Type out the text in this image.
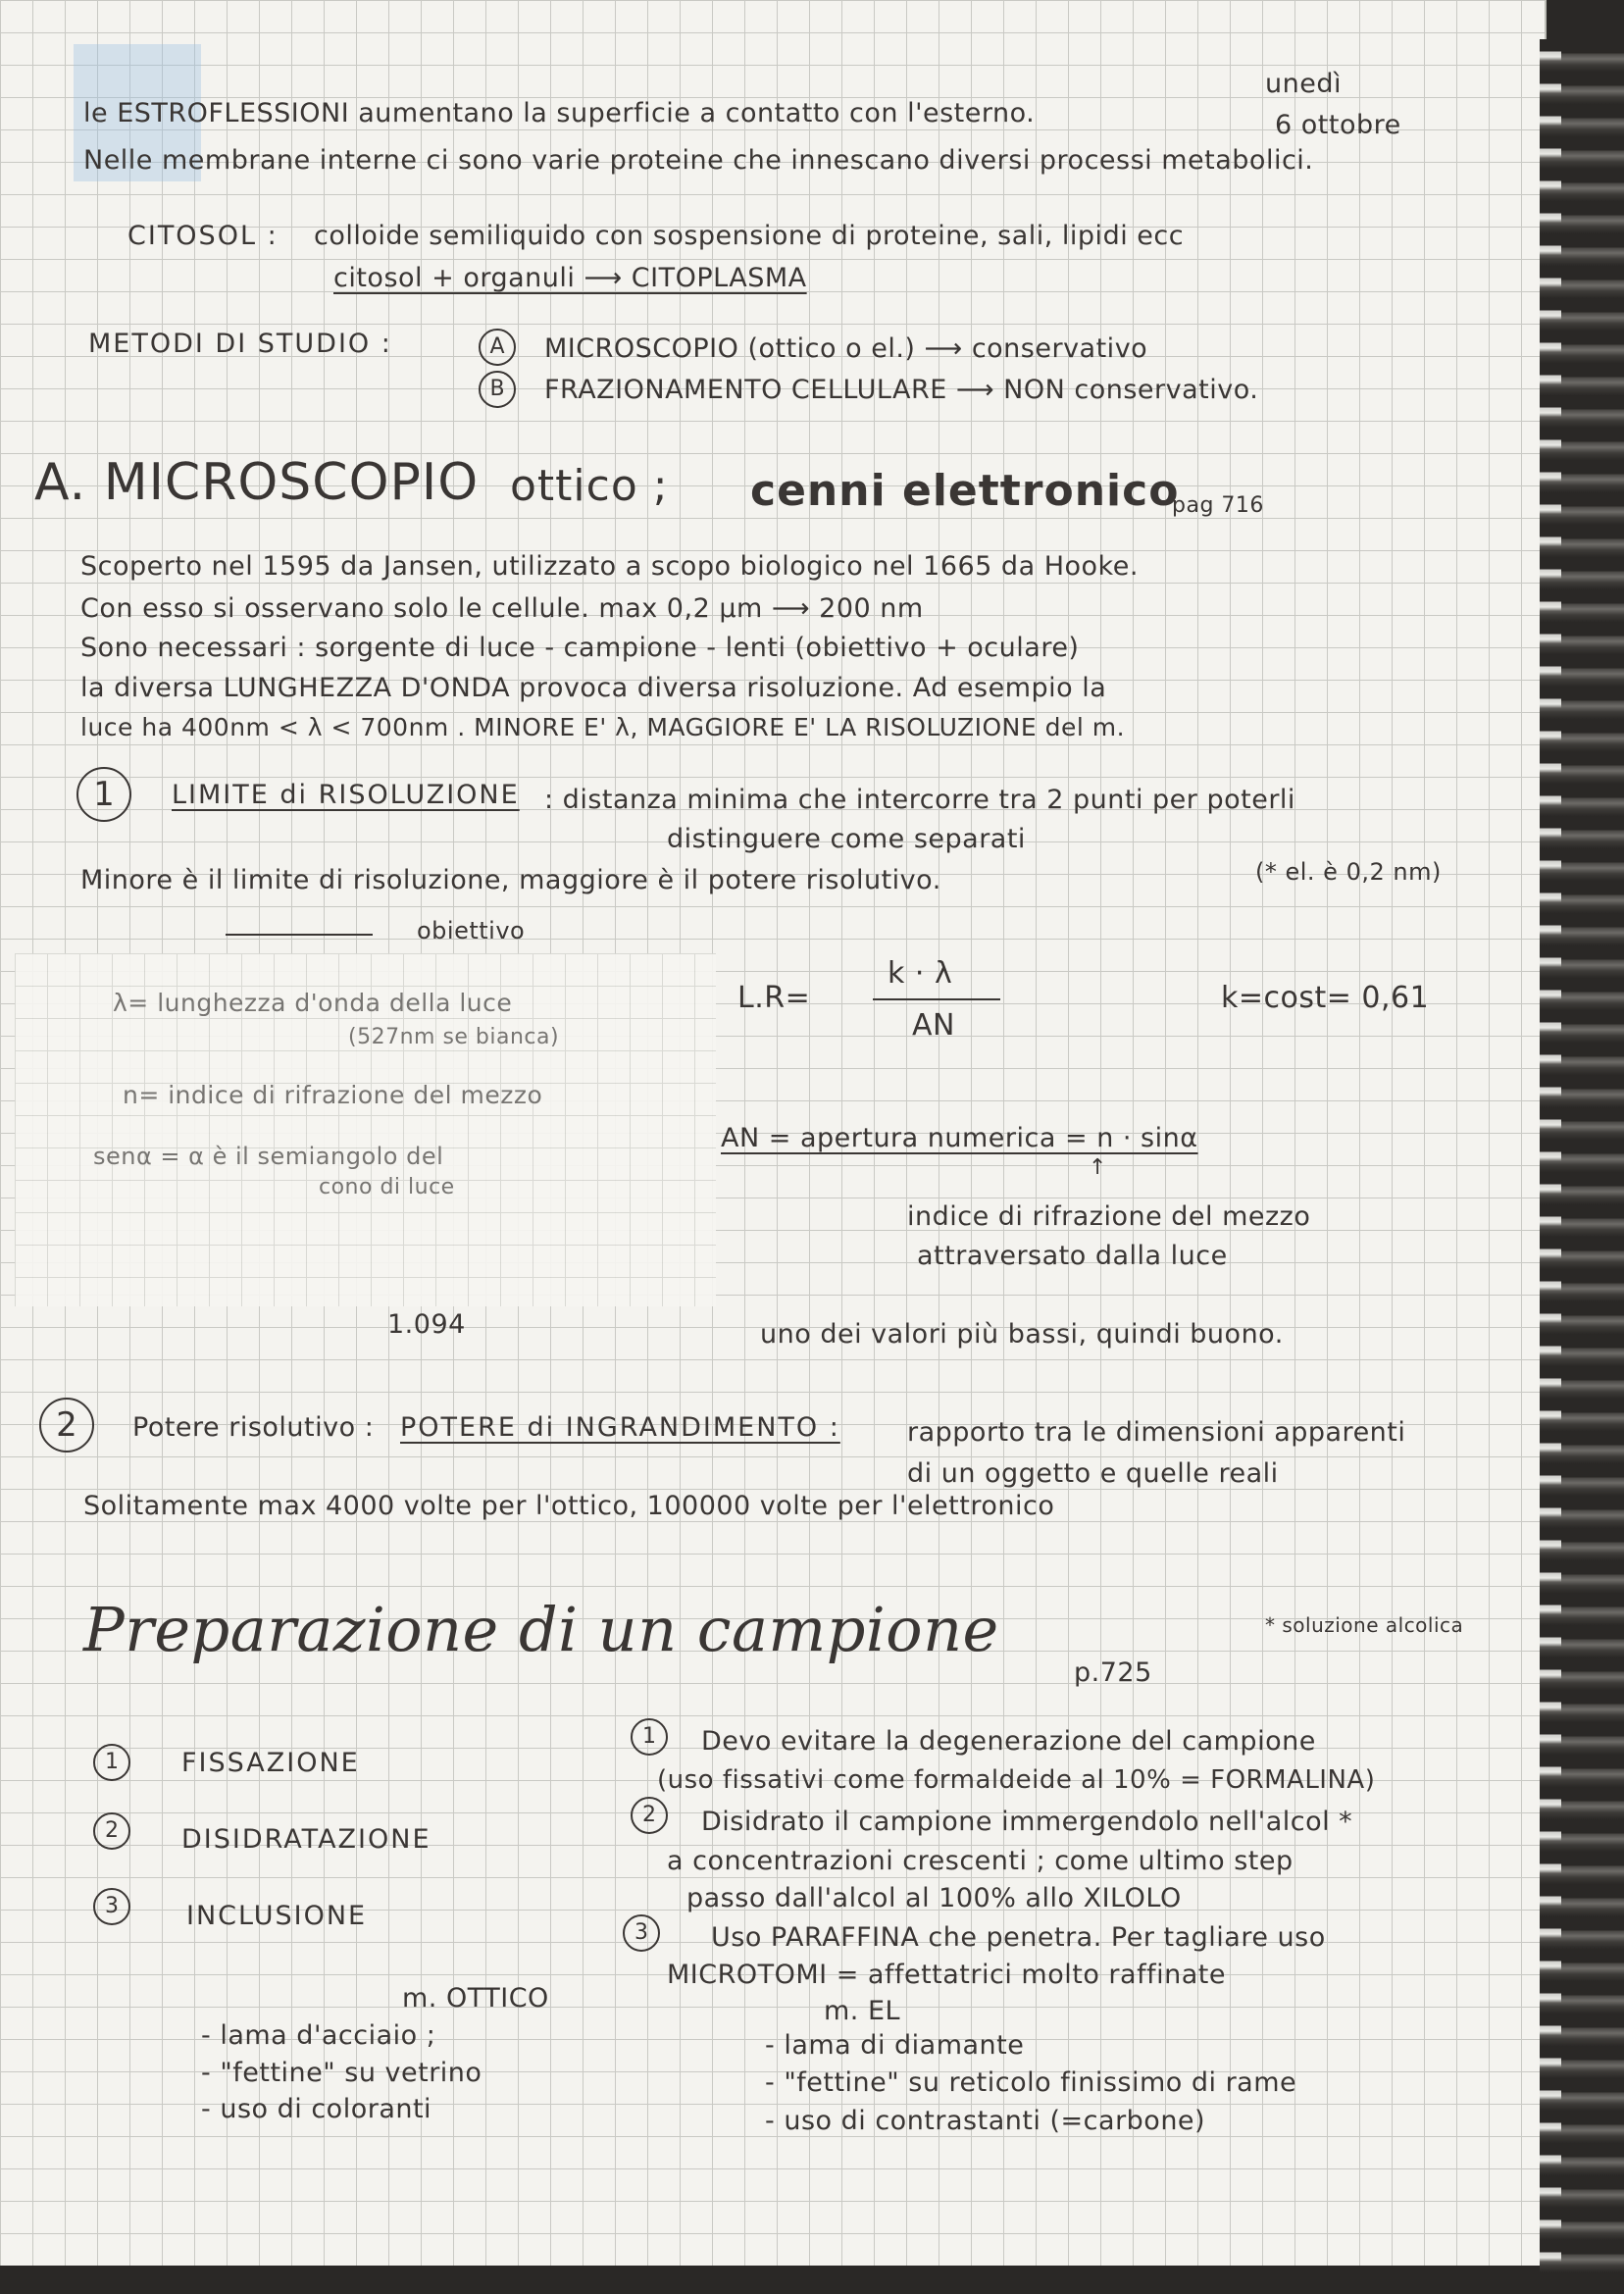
unedì
6 ottobre
le ESTROFLESSIONI aumentano la superficie a contatto con l'esterno.
Nelle membrane interne ci sono varie proteine che innescano diversi processi metabolici.
CITOSOL : colloide semiliquido con sospensione di proteine, sali, lipidi ecc
citosol + organuli ⟶ CITOPLASMA
METODI DI STUDIO :	A	MICROSCOPIO (ottico o el.) ⟶ conservativo
B	FRAZIONAMENTO CELLULARE ⟶ NON conservativo.
A. MICROSCOPIO ottico ; cenni elettronico
pag 716
Scoperto nel 1595 da Jansen, utilizzato a scopo biologico nel 1665 da Hooke.
Con esso si osservano solo le cellule. max 0,2 µm ⟶ 200 nm
Sono necessari : sorgente di luce - campione - lenti (obiettivo + oculare)
la diversa LUNGHEZZA D'ONDA provoca diversa risoluzione. Ad esempio la
luce ha 400nm < λ < 700nm . MINORE E' λ, MAGGIORE E' LA RISOLUZIONE del m.
1	LIMITE di RISOLUZIONE : distanza minima che intercorre tra 2 punti per poterli
distinguere come separati
Minore è il limite di risoluzione, maggiore è il potere risolutivo.	(* el. è 0,2 nm)
obiettivo
λ= lunghezza d'onda della luce
(527nm se bianca)
n= indice di rifrazione del mezzo
senα = α è il semiangolo del
cono di luce
L.R=
k · λ
AN
k=cost= 0,61
AN = apertura numerica = n · sinα
↑
indice di rifrazione del mezzo
attraversato dalla luce
1.094	uno dei valori più bassi, quindi buono.
2	Potere risolutivo : POTERE di INGRANDIMENTO :	rapporto tra le dimensioni apparenti
di un oggetto e quelle reali
Solitamente max 4000 volte per l'ottico, 100000 volte per l'elettronico
Preparazione di un campione
p.725
* soluzione alcolica
1	FISSAZIONE
2	DISIDRATAZIONE
3	INCLUSIONE
1	Devo evitare la degenerazione del campione
(uso fissativi come formaldeide al 10% = FORMALINA)
2	Disidrato il campione immergendolo nell'alcol *
a concentrazioni crescenti ; come ultimo step
passo dall'alcol al 100% allo XILOLO
3	Uso PARAFFINA che penetra. Per tagliare uso
MICROTOMI = affettatrici molto raffinate
m. OTTICO	m. EL
- lama d'acciaio ;
- "fettine" su vetrino
- uso di coloranti
- lama di diamante
- "fettine" su reticolo finissimo di rame
- uso di contrastanti (=carbone)
